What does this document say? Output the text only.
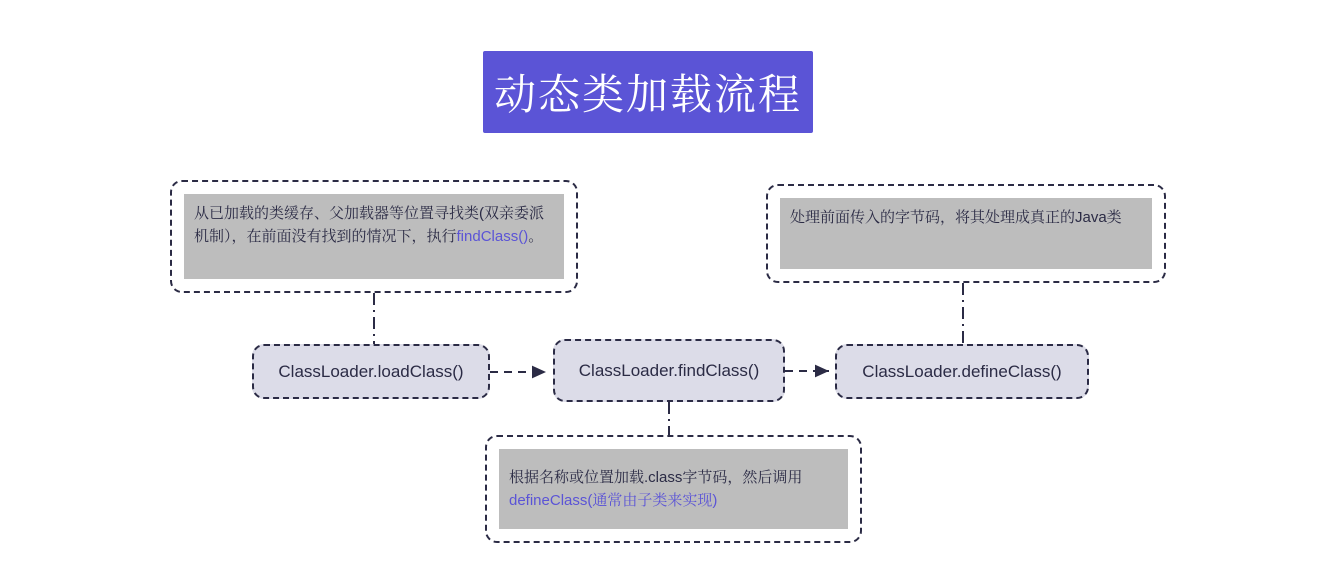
动态类加载流程
ClassLoader.loadClass()	ClassLoader.findClass()	ClassLoader.defineClass()
从已加载的类缓存、父加载器等位置寻找类(双亲委派机制），在前面没有找到的情况下，执行findClass()。
处理前面传入的字节码，将其处理成真正的Java类
根据名称或位置加载.class字节码，然后调用 defineClass(通常由子类来实现)
